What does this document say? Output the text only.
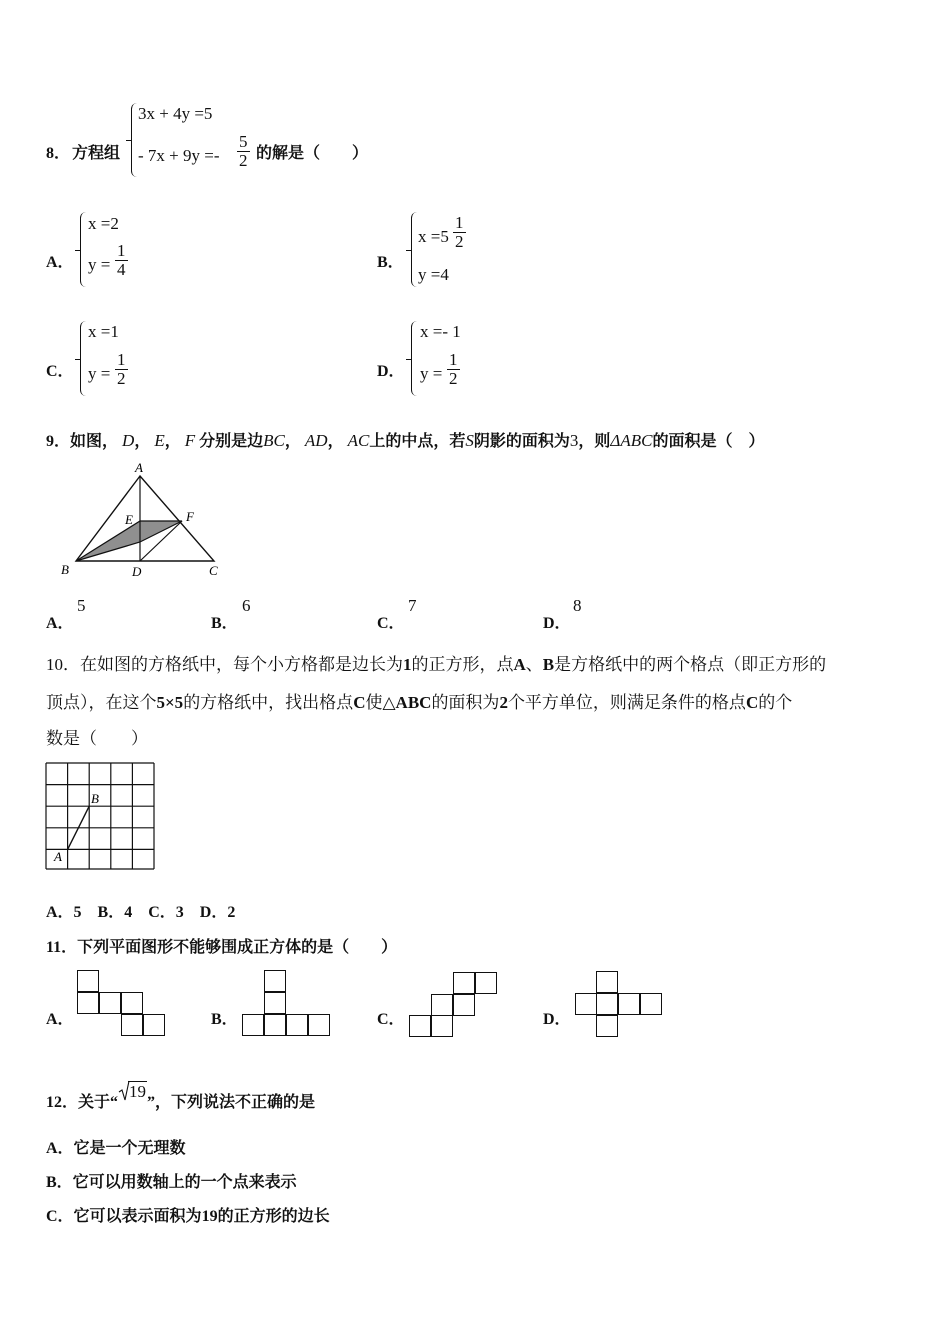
8． 方程组
3x + 4y =5
- $7x + 9y =- \frac{5}{2}$ 的解是（　　）
A．
x =2
$y = \frac{1}{4}$	B．
$x =5 \frac{1}{2}$
y =4
C．
x =1
$y = \frac{1}{2}$	D．
x =- 1
$y = \frac{1}{2}$
9．如图， D， E， F 分别是边BC， AD， AC上的中点，若S阴影的面积为3，则ΔABC的面积是（　）
A
E	F
B	D	C
A．
5
B．
6
C．
7
D．
8
10．在如图的方格纸中，每个小方格都是边长为1的正方形，点A、B是方格纸中的两个格点（即正方形的
顶点），在这个5×5的方格纸中，找出格点C使△ABC的面积为2个平方单位，则满足条件的格点C的个
数是（　　）
A
B
A．5　B．4　C．3　D．2
11．下列平面图形不能够围成正方体的是（　　）
A．	B．	C．	D．
12．关于“
19”，下列说法不正确的是
A．它是一个无理数
B．它可以用数轴上的一个点来表示
C．它可以表示面积为19的正方形的边长
